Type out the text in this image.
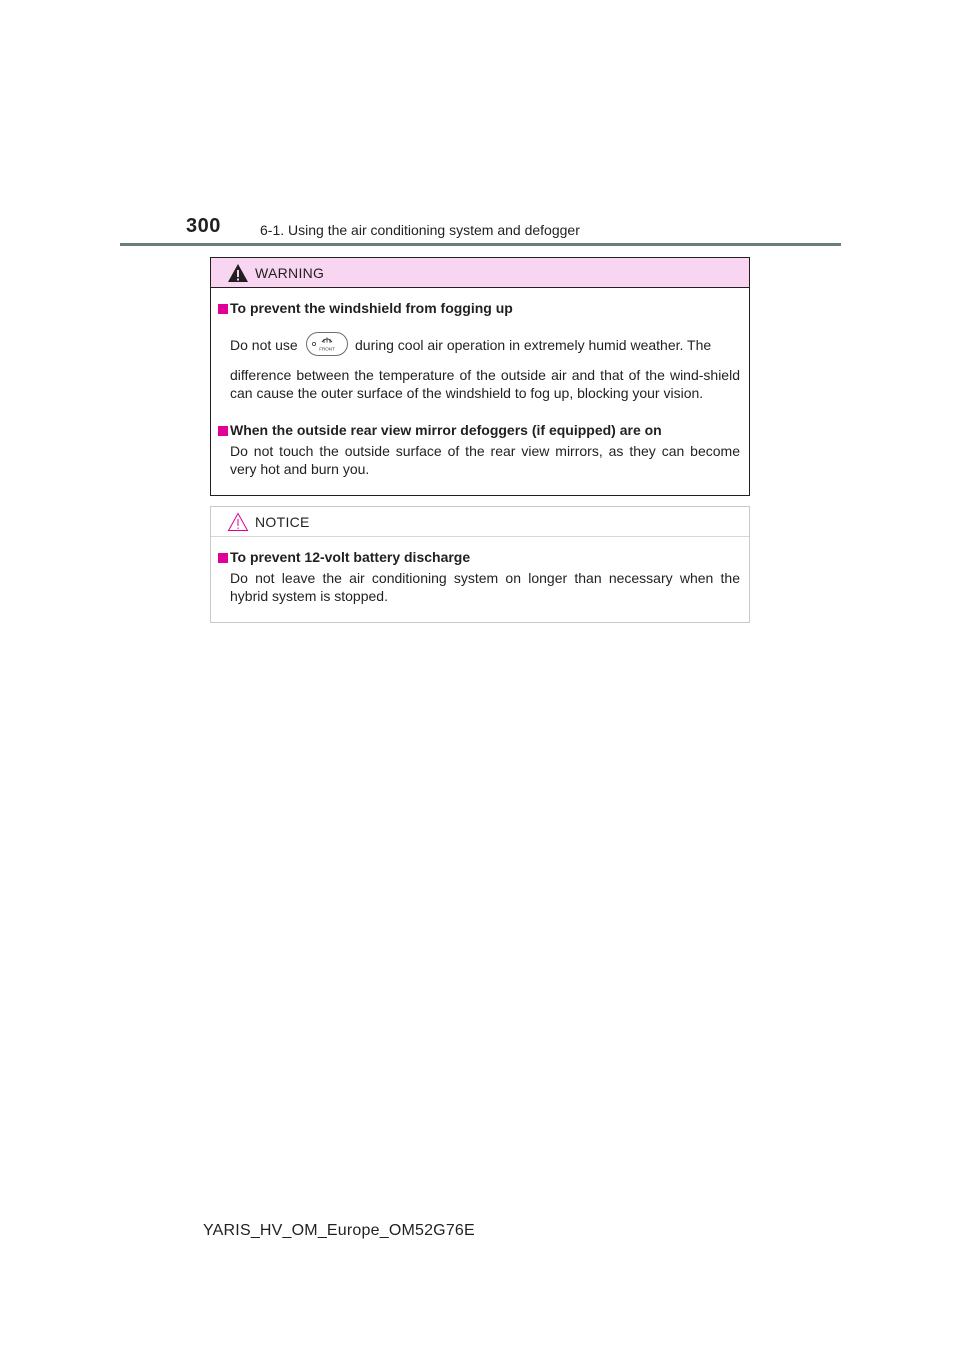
300	6-1. Using the air conditioning system and defogger
WARNING
To prevent the windshield from fogging up
Do not use	FRONT during cool air operation in extremely humid weather. The

difference between the temperature of the outside air and that of the wind-shield can cause the outer surface of the windshield to fog up, blocking your vision.

When the outside rear view mirror defoggers (if equipped) are on

Do not touch the outside surface of the rear view mirrors, as they can become very hot and burn you.

NOTICE
To prevent 12-volt battery discharge

Do not leave the air conditioning system on longer than necessary when the hybrid system is stopped.

YARIS_HV_OM_Europe_OM52G76E
